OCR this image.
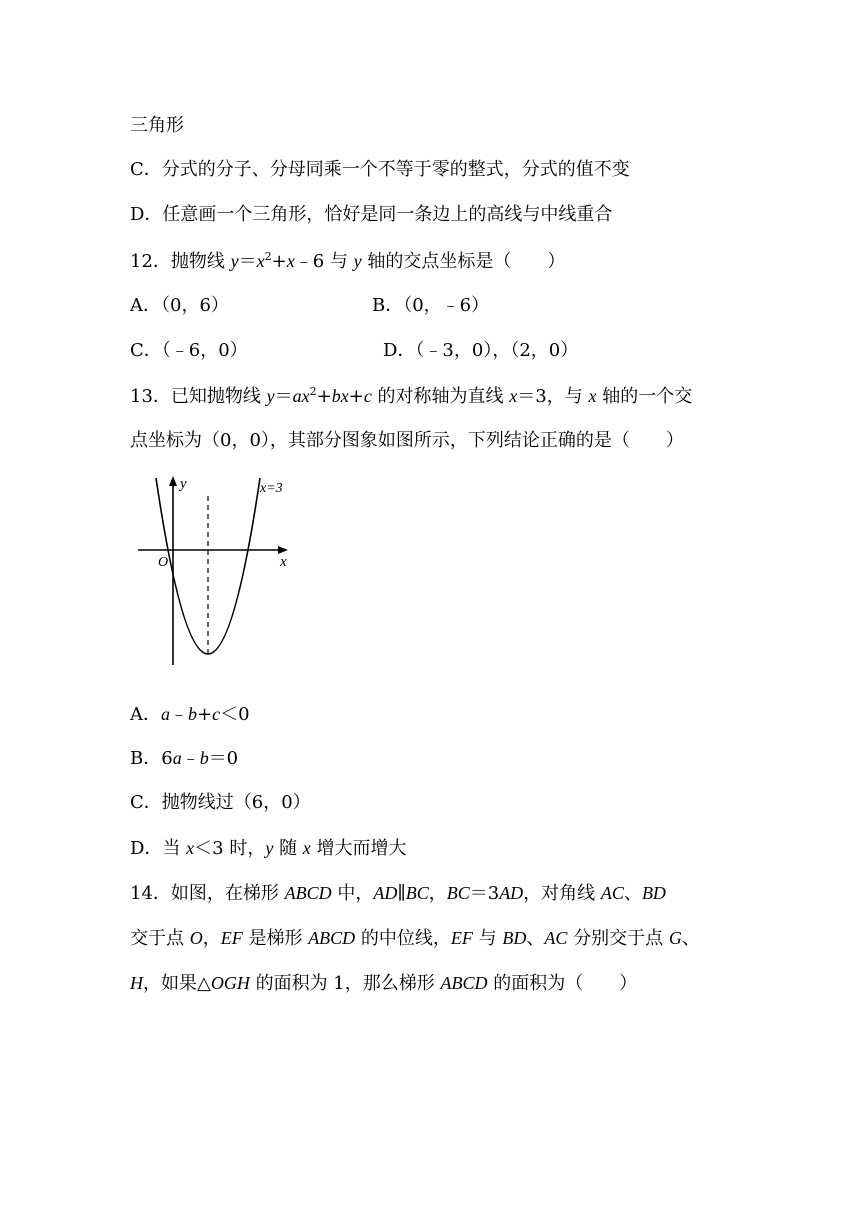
三角形
C．分式的分子、分母同乘一个不等于零的整式，分式的值不变
D．任意画一个三角形，恰好是同一条边上的高线与中线重合
12．抛物线 $y=x^2+x﹣6$ 与 y 轴的交点坐标是（　　）
A．（0，6）	B．（0，﹣6）
C．（﹣6，0）	D．（﹣3，0），（2，0）
13．已知抛物线 $y=ax^2+bx+c$ 的对称轴为直线 x＝3，与 x 轴的一个交
点坐标为（0，0），其部分图象如图所示，下列结论正确的是（　　）
y
x
O
x=3
A．a﹣b+c＜0
B．6a﹣b＝0
C．抛物线过（6，0）
D．当 x＜3 时，y 随 x 增大而增大
14．如图，在梯形 ABCD 中，AD∥BC，BC＝3AD，对角线 AC、BD
交于点 O，EF 是梯形 ABCD 的中位线，EF 与 BD、AC 分别交于点 G、
H，如果△OGH 的面积为 1，那么梯形 ABCD 的面积为（　　）
